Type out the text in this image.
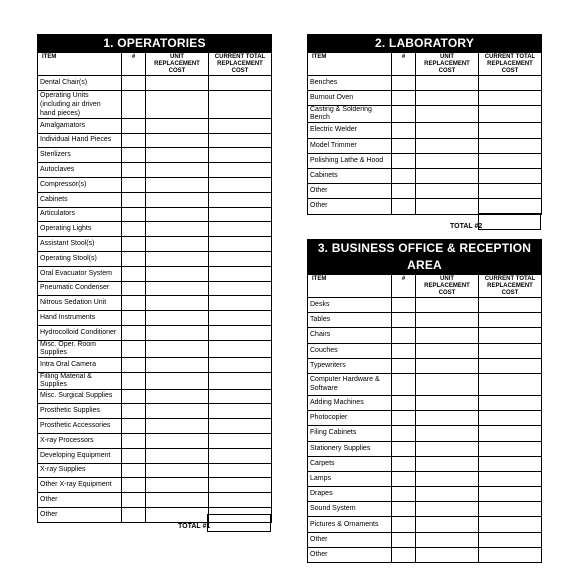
1. OPERATORIES			
ITEM	#	UNIT REPLACEMENT COST	CURRENT TOTAL REPLACEMENT COST
Dental Chair(s)			
Operating Units (including air driven hand pieces)			
Amalgamators			
Individual Hand Pieces			
Sterilizers			
Autoclaves			
Compressor(s)			
Cabinets			
Articulators			
Operating Lights			
Assistant Stool(s)			
Operating Stool(s)			
Oral Evacuator System			
Pneumatic Condenser			
Nitrous Sedation Unit			
Hand Instruments			
Hydrocolloid Conditioner			
Misc. Oper. Room Supplies			
Intra Oral Camera			
Filling Material & Supplies			
Misc. Surgical Supplies			
Prosthetic Supplies			
Prosthetic Accessories			
X-ray Processors			
Developing Equipment			
X-ray Supplies			
Other X-ray Equipment			
Other			
Other			
TOTAL #1
2. LABORATORY			
ITEM	#	UNIT REPLACEMENT COST	CURRENT TOTAL REPLACEMENT COST
Benches			
Burnout Oven			
Casting & Soldering Bench			
Electric Welder			
Model Trimmer			
Polishing Lathe & Hood			
Cabinets			
Other			
Other			
TOTAL #2
3. BUSINESS OFFICE & RECEPTION AREA			
ITEM	#	UNIT REPLACEMENT COST	CURRENT TOTAL REPLACEMENT COST
Desks			
Tables			
Chairs			
Couches			
Typewriters			
Computer Hardware & Software			
Adding Machines			
Photocopier			
Filing Cabinets			
Stationery Supplies			
Carpets			
Lamps			
Drapes			
Sound System			
Pictures & Ornaments			
Other			
Other			
